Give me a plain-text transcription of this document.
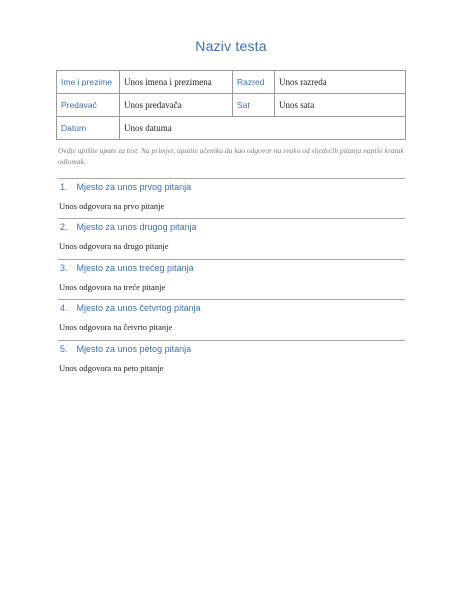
Naziv testa
Ime i prezime	Unos imena i prezimena	Razred	Unos razreda
Predavač	Unos predavača	Sat	Unos sata
Datum	Unos datuma		
Ovdje upišite upute za test. Na primjer, uputite učenika da kao odgovor na svako od sljedećih pitanja napiše kratak odlomak.
1. Mjesto za unos prvog pitanja
Unos odgovora na prvo pitanje
2. Mjesto za unos drugog pitanja
Unos odgovora na drugo pitanje
3. Mjesto za unos trećeg pitanja
Unos odgovora na treće pitanje
4. Mjesto za unos četvrtog pitanja
Unos odgovora na četvrto pitanje
5. Mjesto za unos petog pitanja
Unos odgovora na peto pitanje
